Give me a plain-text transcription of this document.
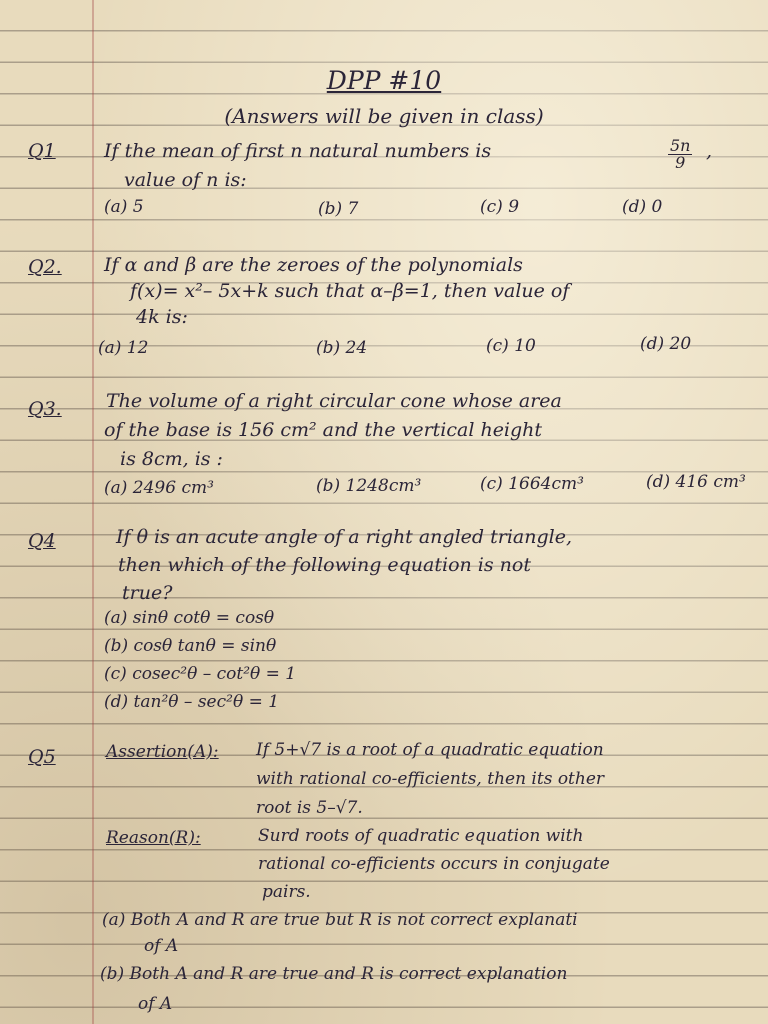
DPP #10
(Answers will be given in class)
Q1	If the mean of first n natural numbers is	$\frac{5n}{9}$ ,
value of n is:
(a) 5	(b) 7	(c) 9	(d) 0
Q2. If α and β are the zeroes of the polynomials
f(x)= x²– 5x+k such that α–β=1, then value of
4k is:
(a) 12	(b) 24	(c) 10	(d) 20
Q3. The volume of a right circular cone whose area
of the base is 156 cm² and the vertical height
is 8cm, is :
(a) 2496 cm³	(b) 1248cm³	(c) 1664cm³	(d) 416 cm³
Q4	If θ is an acute angle of a right angled triangle,
then which of the following equation is not
true?
(a) sinθ cotθ = cosθ
(b) cosθ tanθ = sinθ
(c) cosec²θ – cot²θ = 1
(d) tan²θ – sec²θ = 1
Q5	Assertion(A): If 5+√7 is a root of a quadratic equation
with rational co-efficients, then its other
root is 5–√7.
Reason(R):	Surd roots of quadratic equation with
rational co-efficients occurs in conjugate
pairs.
(a) Both A and R are true but R is not correct explanati
of A
(b) Both A and R are true and R is correct explanation
of A
